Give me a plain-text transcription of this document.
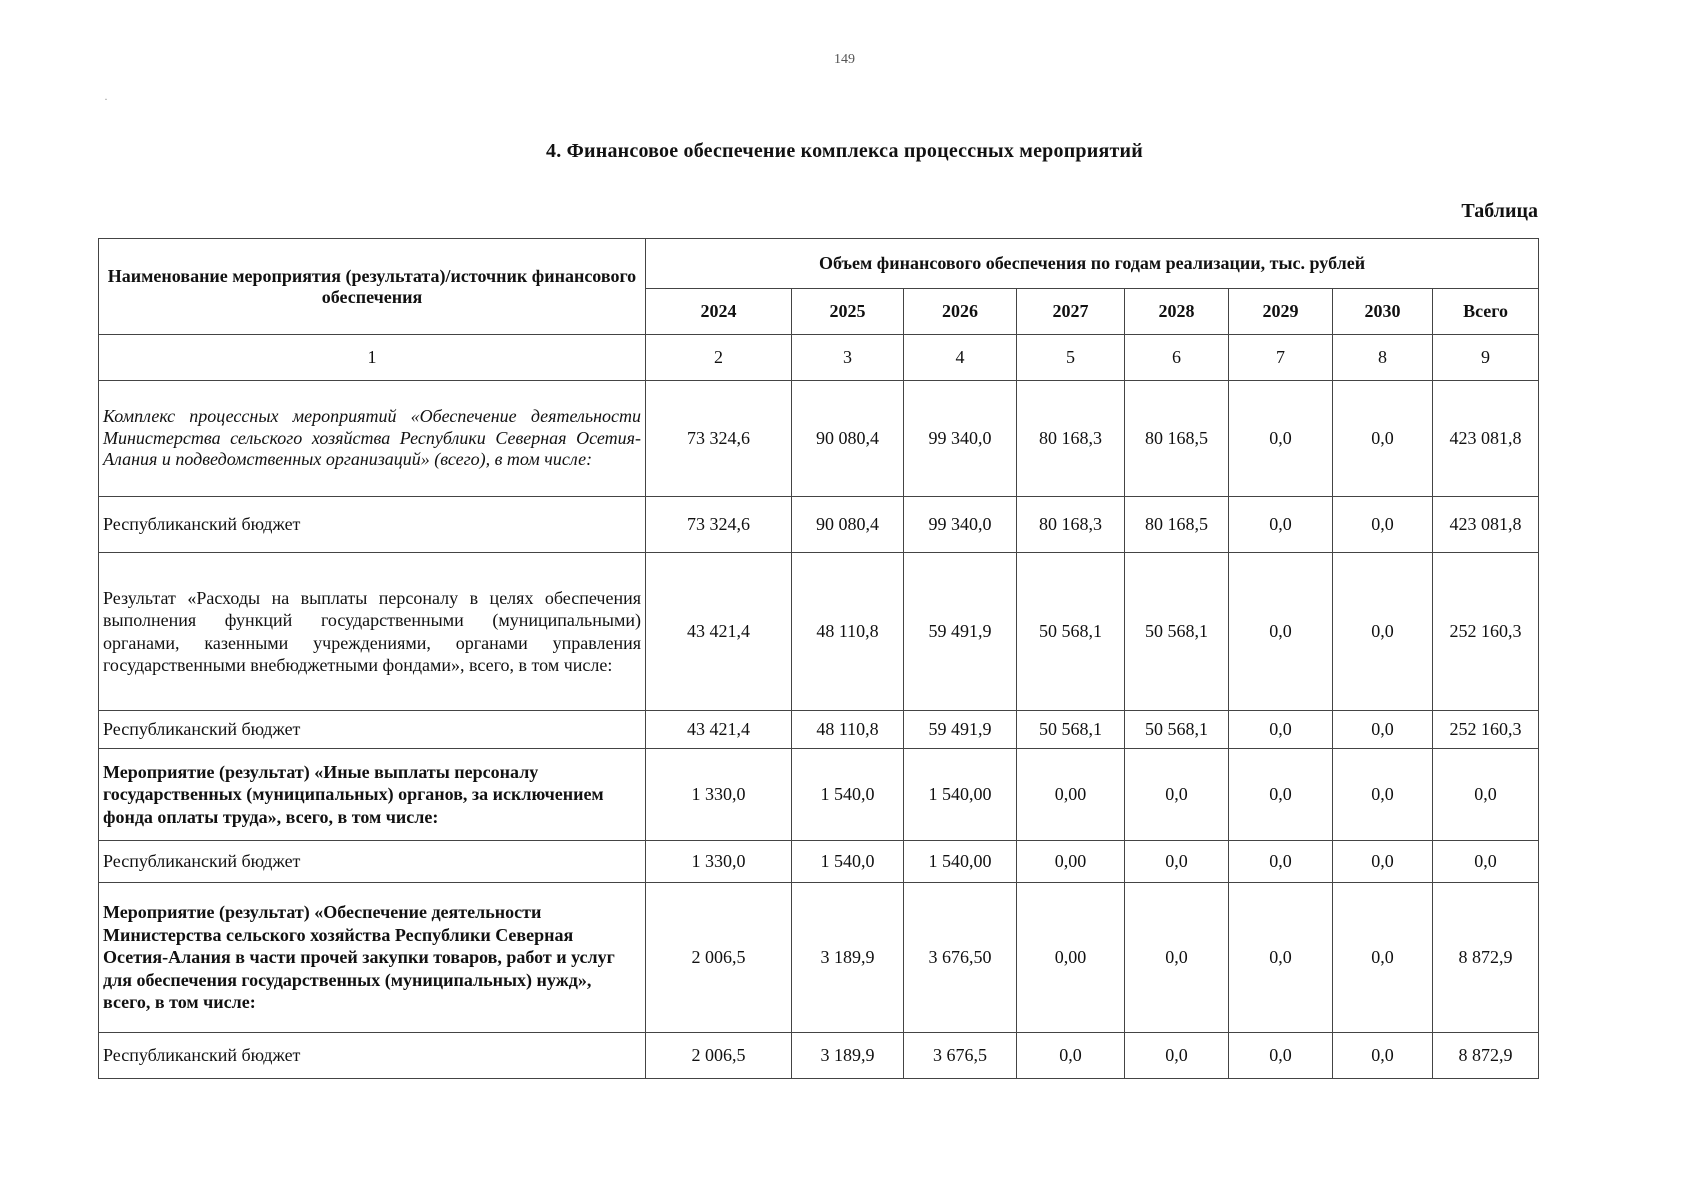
149
·
4. Финансовое обеспечение комплекса процессных мероприятий
Таблица
Наименование мероприятия (результата)/источник финансового обеспечения	Объем финансового обеспечения по годам реализации, тыс. рублей							
	2024	2025	2026	2027	2028	2029	2030	Всего
1	2	3	4	5	6	7	8	9
Комплекс процессных мероприятий «Обеспечение деятельности Министерства сельского хозяйства Республики Северная Осетия-Алания и подведомственных организаций» (всего), в том числе:	73 324,6	90 080,4	99 340,0	80 168,3	80 168,5	0,0	0,0	423 081,8
Республиканский бюджет	73 324,6	90 080,4	99 340,0	80 168,3	80 168,5	0,0	0,0	423 081,8
Результат «Расходы на выплаты персоналу в целях обеспечения выполнения функций государственными (муниципальными) органами, казенными учреждениями, органами управления государственными внебюджетными фондами», всего, в том числе:	43 421,4	48 110,8	59 491,9	50 568,1	50 568,1	0,0	0,0	252 160,3
Республиканский бюджет	43 421,4	48 110,8	59 491,9	50 568,1	50 568,1	0,0	0,0	252 160,3
Мероприятие (результат) «Иные выплаты персоналу государственных (муниципальных) органов, за исключением фонда оплаты труда», всего, в том числе:	1 330,0	1 540,0	1 540,00	0,00	0,0	0,0	0,0	0,0
Республиканский бюджет	1 330,0	1 540,0	1 540,00	0,00	0,0	0,0	0,0	0,0
Мероприятие (результат) «Обеспечение деятельности Министерства сельского хозяйства Республики Северная Осетия-Алания в части прочей закупки товаров, работ и услуг для обеспечения государственных (муниципальных) нужд», всего, в том числе:	2 006,5	3 189,9	3 676,50	0,00	0,0	0,0	0,0	8 872,9
Республиканский бюджет	2 006,5	3 189,9	3 676,5	0,0	0,0	0,0	0,0	8 872,9
